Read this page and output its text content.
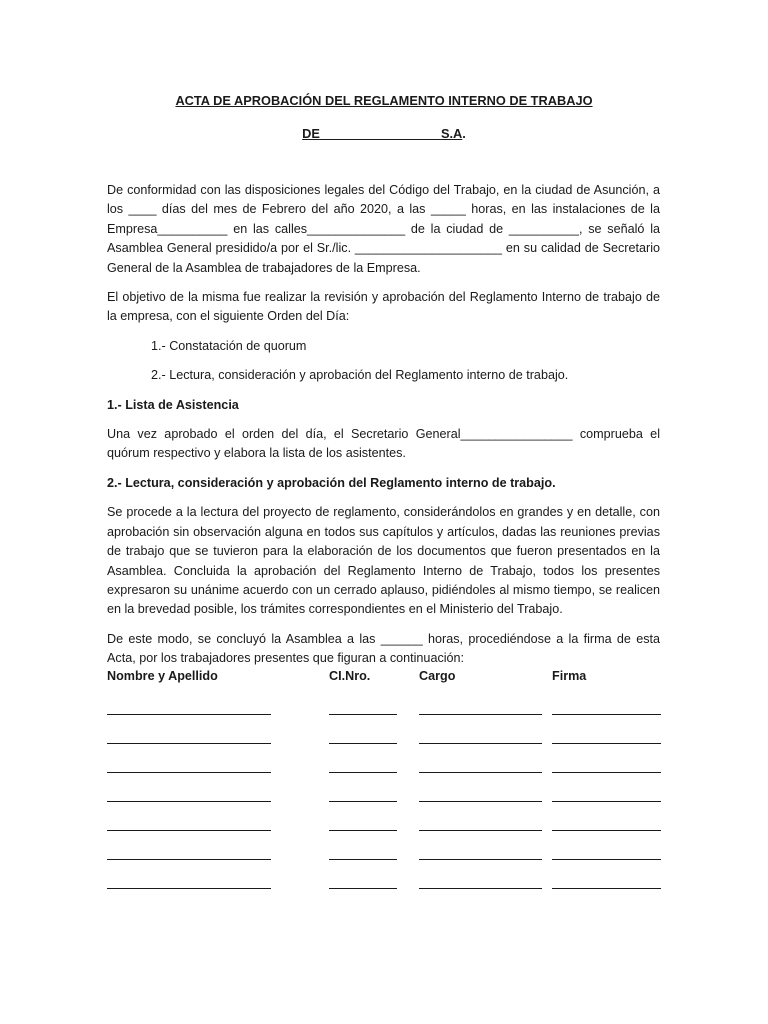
ACTA DE APROBACIÓN DEL REGLAMENTO INTERNO DE TRABAJO
DE_________________S.A.

De conformidad con las disposiciones legales del Código del Trabajo, en la ciudad de Asunción, a los ____ días del mes de Febrero del año 2020, a las _____ horas, en las instalaciones de la Empresa__________ en las calles______________ de la ciudad de __________, se señaló la Asamblea General presidido/a por el Sr./lic. _____________________ en su calidad de Secretario General de la Asamblea de trabajadores de la Empresa.

El objetivo de la misma fue realizar la revisión y aprobación del Reglamento Interno de trabajo de la empresa, con el siguiente Orden del Día:

1.- Constatación de quorum

2.- Lectura, consideración y aprobación del Reglamento interno de trabajo.

1.- Lista de Asistencia

Una vez aprobado el orden del día, el Secretario General________________ comprueba el quórum respectivo y elabora la lista de los asistentes.

2.- Lectura, consideración y aprobación del Reglamento interno de trabajo.

Se procede a la lectura del proyecto de reglamento, considerándolos en grandes y en detalle, con aprobación sin observación alguna en todos sus capítulos y artículos, dadas las reuniones previas de trabajo que se tuvieron para la elaboración de los documentos que fueron presentados en la Asamblea. Concluida la aprobación del Reglamento Interno de Trabajo, todos los presentes expresaron su unánime acuerdo con un cerrado aplauso, pidiéndoles al mismo tiempo, se realicen en la brevedad posible, los trámites correspondientes en el Ministerio del Trabajo.

De este modo, se concluyó la Asamblea a las ______ horas, procediéndose a la firma de esta Acta, por los trabajadores presentes que figuran a continuación:

Nombre y Apellido	CI.Nro.	Cargo	Firma
